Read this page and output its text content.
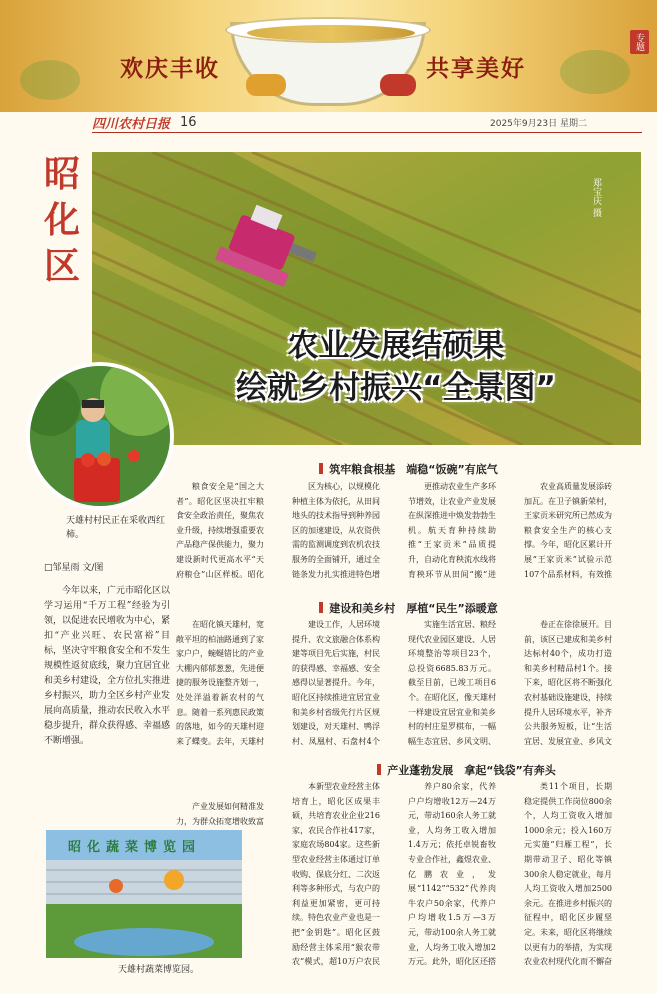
欢庆丰收	共享美好
专题
四川农村日报 16	2025年9月23日 星期二
昭化区
郑宝庆 摄
农业发展结硕果
绘就乡村振兴“全景图”
天雄村村民正在采收西红柿。
□邹星雨 文/图
今年以来，广元市昭化区以学习运用“千万工程”经验为引领，以促进农民增收为中心，紧扣“产业兴旺、农民富裕”目标，坚决守牢粮食安全和不发生规模性返贫底线，聚力宜居宜业和美乡村建设，全方位扎实推进乡村振兴，助力全区乡村产业发展向高质量，推动农民收入水平稳步提升，群众获得感、幸福感不断增强。
筑牢粮食根基　端稳“饭碗”有底气

粮食安全是“国之大者”。昭化区坚决扛牢粮食安全政治责任，聚焦农业升级，持续增强重要农产品稳产保供能力，聚力建设新时代更高水平“天府粮仓”山区样板。昭化

区为核心，以规模化种植主体为依托，从田间地头的技术指导到种养园区的加速建设，从农资供需的监测调度到农机农技服务的全面铺开，通过全链条发力扎实推进特色增

更推动农业生产多环节增效，让农业产业发展在纵深推进中焕发勃勃生机。航天育种持续助推“王家贡米”品质提升，自动化育秧流水线将育秧环节从田间“搬”进

农业高质量发展添砖加瓦。在卫子镇新荣村，王家贡米研究所已然成为粮食安全生产的核心支撑。今年，昭化区累计开展“王家贡米”试验示范107个品系材料，有效推

建设和美乡村　厚植“民生”添暖意

在昭化镇天雄村，宽敞平坦的柏油路通到了家家户户，蜿蜒错比的产业大棚内郁郁葱葱，先进便捷的服务设施整齐划一，处处洋溢着新农村的气息。随着一系列惠民政策的落地，如今的天雄村迎来了蝶变。去年，天雄村

建设工作，人居环境提升、农文旅融合体系构建等项目先后实施，村民的获得感、幸福感、安全感得以显著提升。今年，昭化区持续推进宜居宜业和美乡村省级先行片区规划建设，对天雄村、鸭浮村、凤凰村、石盘村4个

实施生活宜居、粮经现代农业园区建设、人居环境整治等项目23个，总投资6685.83万元。截至目前，已竣工项目6个。在昭化区，像天雄村一样建设宜居宜业和美乡村的村庄星罗棋布，一幅幅生态宜居、乡风文明、

卷正在徐徐展开。目前，该区已建成和美乡村达标村40个，成功打造和美乡村精品村1个。接下来，昭化区将不断强化农村基础设施建设，持续提升人居环境水平，补齐公共服务短板，让“生活宜居、发展宜业、乡风文

产业蓬勃发展　拿起“钱袋”有奔头

产业发展如何精准发力，为群众拓宽增收致富

本新型农业经营主体培育上，昭化区成果丰硕，共培育农业企业216家，农民合作社417家，家庭农场804家。这些新型农业经营主体通过订单收购、保底分红、二次返利等多种形式，与农户的利益更加紧密，更可持续。特色农业产业也是一把“金钥匙”。昭化区鼓励经营主体采用“猴农带农”模式，超10万户农民

养户80余家，代养户户均增收12万—24万元，带动160余人务工就业，人均务工收入增加1.4万元；依托卓锐畜牧专业合作社，鑫煜农业、亿鹏农业，发展“1142”“532”代养肉牛农户50余家，代养户户均增收1.5万—3万元，带动100余人务工就业，人均务工收入增加2万元。此外，昭化区还搭

类11个项目，长期稳定提供工作岗位800余个，人均工资收入增加1000余元；投入160万元实施“归雁工程”，长期带动卫子、昭化等镇300余人稳定就业，每月人均工资收入增加2500余元。在推进乡村振兴的征程中，昭化区步履坚定。未来，昭化区将继续以更有力的举措，为实现农业农村现代化而不懈奋

昭化蔬菜博览园
天雄村蔬菜博览园。
